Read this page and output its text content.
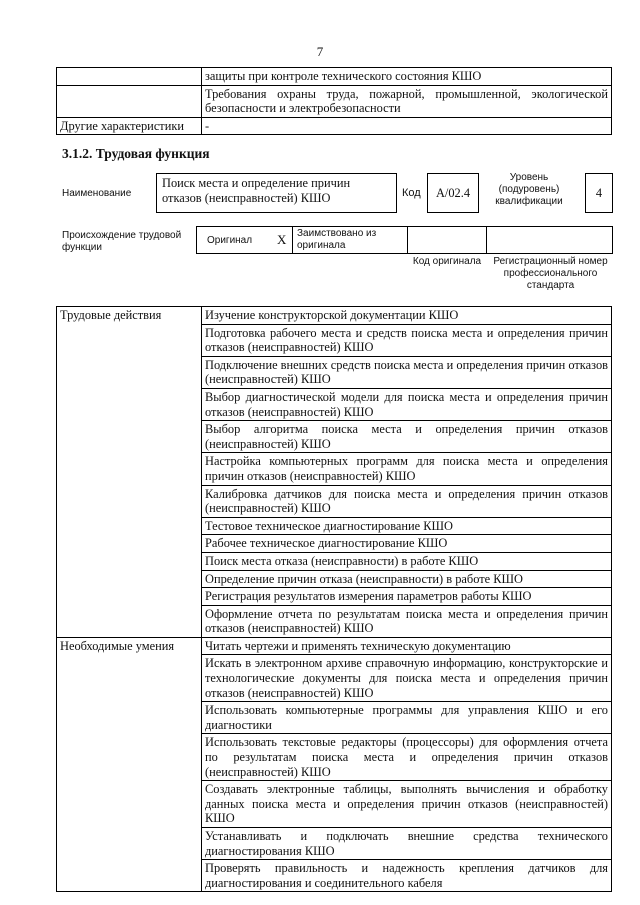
7
	защиты при контроле технического состояния КШО
	Требования охраны труда, пожарной, промышленной, экологической безопасности и электробезопасности
Другие характеристики	-
3.1.2. Трудовая функция
Наименование
Поиск места и определение причин отказов (неисправностей) КШО	Код	А/02.4
Уровень (подуровень) квалификации
4
Происхождение трудовой функции
Оригинал X Заимствовано из оригинала
Код оригинала	Регистрационный номер профессионального стандарта
Трудовые действия	Изучение конструкторской документации КШО
	Подготовка рабочего места и средств поиска места и определения причин отказов (неисправностей) КШО
	Подключение внешних средств поиска места и определения причин отказов (неисправностей) КШО
	Выбор диагностической модели для поиска места и определения причин отказов (неисправностей) КШО
	Выбор алгоритма поиска места и определения причин отказов (неисправностей) КШО
	Настройка компьютерных программ для поиска места и определения причин отказов (неисправностей) КШО
	Калибровка датчиков для поиска места и определения причин отказов (неисправностей) КШО
	Тестовое техническое диагностирование КШО
	Рабочее техническое диагностирование КШО
	Поиск места отказа (неисправности) в работе КШО
	Определение причин отказа (неисправности) в работе КШО
	Регистрация результатов измерения параметров работы КШО
	Оформление отчета по результатам поиска места и определения причин отказов (неисправностей) КШО
Необходимые умения	Читать чертежи и применять техническую документацию
	Искать в электронном архиве справочную информацию, конструкторские и технологические документы для поиска места и определения причин отказов (неисправностей) КШО
	Использовать компьютерные программы для управления КШО и его диагностики
	Использовать текстовые редакторы (процессоры) для оформления отчета по результатам поиска места и определения причин отказов (неисправностей) КШО
	Создавать электронные таблицы, выполнять вычисления и обработку данных поиска места и определения причин отказов (неисправностей) КШО
	Устанавливать и подключать внешние средства технического диагностирования КШО
	Проверять правильность и надежность крепления датчиков для диагностирования и соединительного кабеля
